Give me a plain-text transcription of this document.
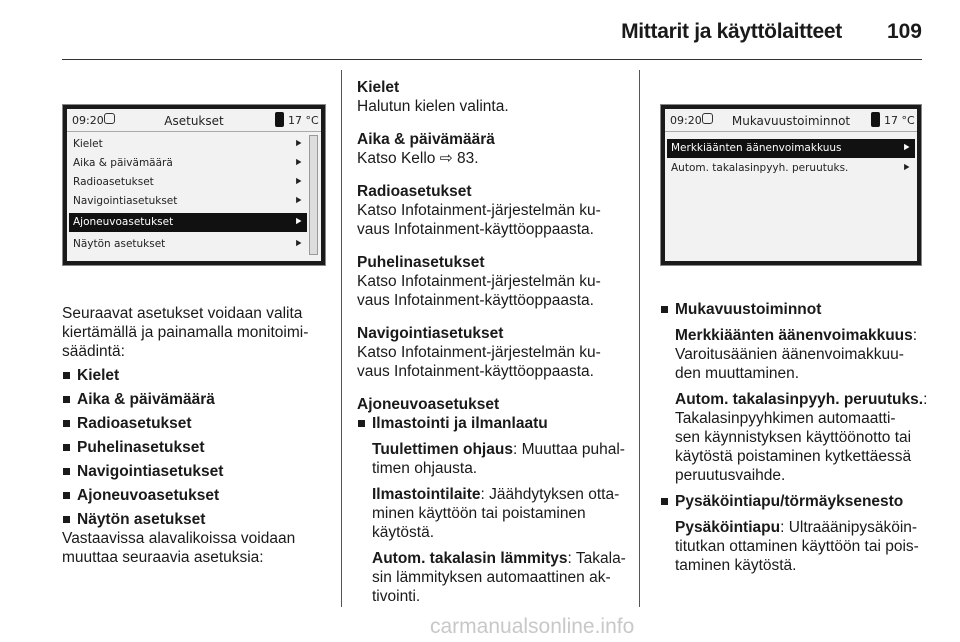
Mittarit ja käyttölaitteet 109
09:20	Asetukset	17 °C
Kielet	⯈
Aika & päivämäärä	⯈
Radioasetukset	⯈
Navigointiasetukset	⯈
Ajoneuvoasetukset	⯈
Näytön asetukset	⯈
09:20	Mukavuustoiminnot	17 °C
Merkkiäänten äänenvoimakkuus	⯈
Autom. takalasinpyyh. peruutuks.	⯈

Seuraavat asetukset voidaan valita
kiertämällä ja painamalla monitoimi-
säädintä:

Kielet
Aika & päivämäärä
Radioasetukset
Puhelinasetukset
Navigointiasetukset
Ajoneuvoasetukset
Näytön asetukset

Vastaavissa alavalikoissa voidaan
muuttaa seuraavia asetuksia:

Kielet

Halutun kielen valinta.

Aika & päivämäärä

Katso Kello ⇨ 83.

Radioasetukset

Katso Infotainment-järjestelmän ku-
vaus Infotainment-käyttöoppaasta.

Puhelinasetukset

Katso Infotainment-järjestelmän ku-
vaus Infotainment-käyttöoppaasta.

Navigointiasetukset

Katso Infotainment-järjestelmän ku-
vaus Infotainment-käyttöoppaasta.

Ajoneuvoasetukset

Ilmastointi ja ilmanlaatu

Tuulettimen ohjaus: Muuttaa puhal-
timen ohjausta.

Ilmastointilaite: Jäähdytyksen otta-
minen käyttöön tai poistaminen
käytöstä.

Autom. takalasin lämmitys: Takala-
sin lämmityksen automaattinen ak-
tivointi.

Mukavuustoiminnot

Merkkiäänten äänenvoimakkuus:
Varoitusäänien äänenvoimakkuu-
den muuttaminen.

Autom. takalasinpyyh. peruutuks.:
Takalasinpyyhkimen automaatti-
sen käynnistyksen käyttöönotto tai
käytöstä poistaminen kytkettäessä
peruutusvaihde.

Pysäköintiapu/törmäyksenesto

Pysäköintiapu: Ultraäänipysäköin-
titutkan ottaminen käyttöön tai pois-
taminen käytöstä.

carmanualsonline.info
